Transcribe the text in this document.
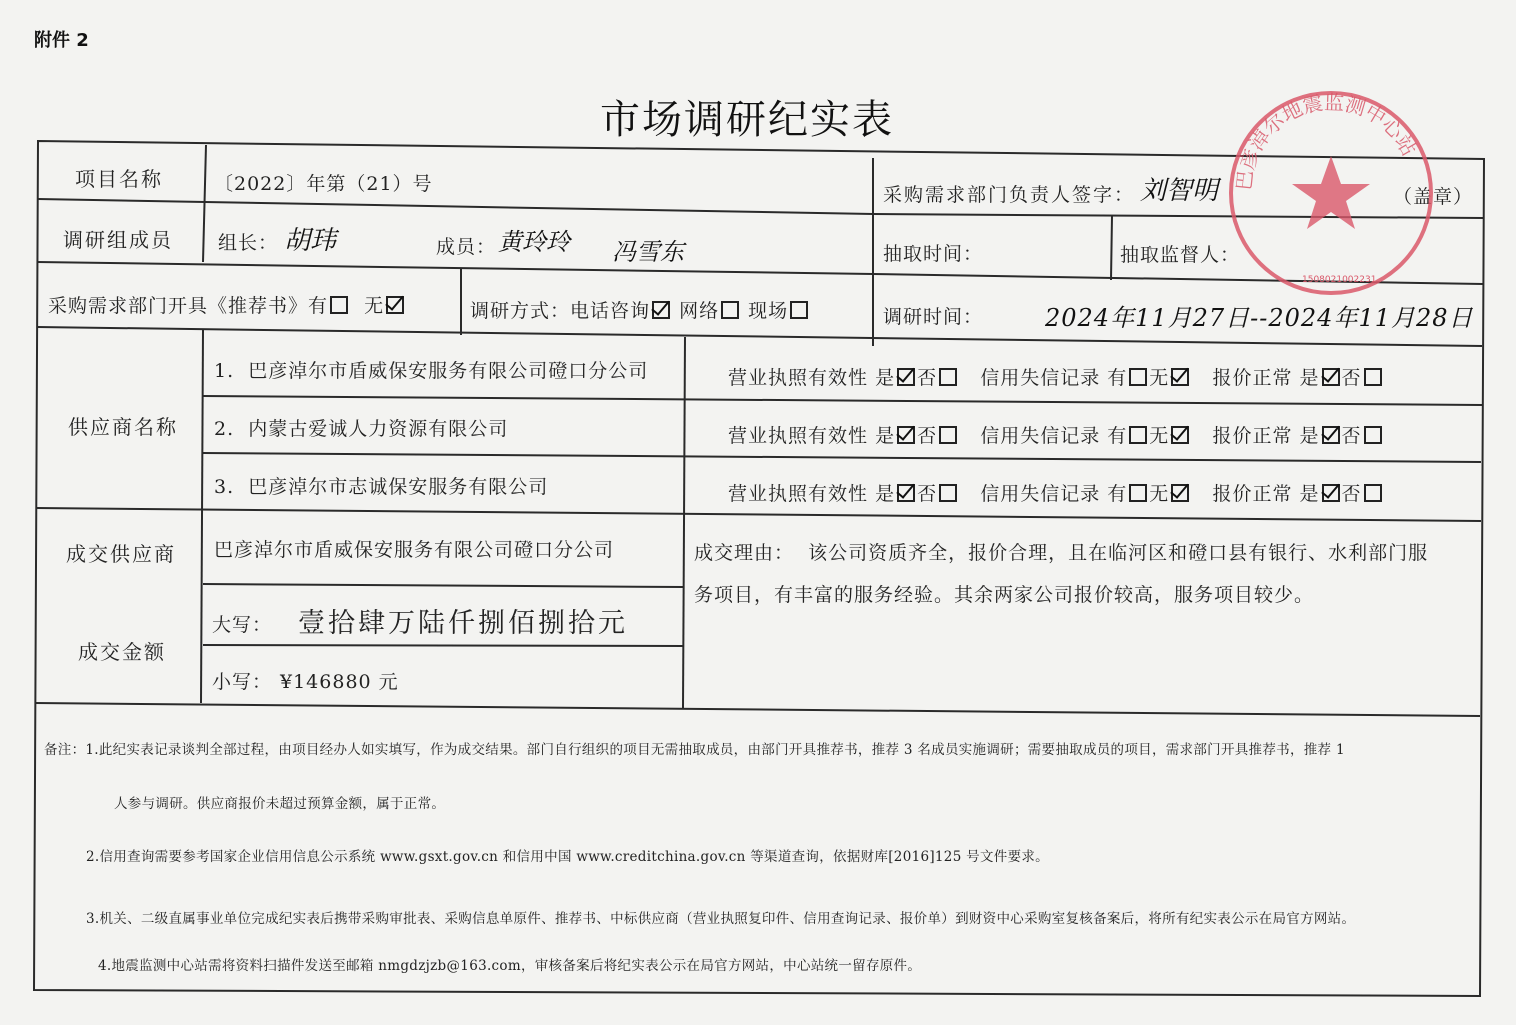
附件 2
市场调研纪实表
项目名称	〔2022〕年第（21）号	采购需求部门负责人签字： 刘智明	（盖章）
调研组成员 组长： 胡玮	成员： 黄玲玲 冯雪东	抽取时间：	抽取监督人：
采购需求部门开具《推荐书》有 无	调研方式：电话咨询 网络 现场	调研时间：	2024年11月27日--2024年11月28日
供应商名称
1. 巴彦淖尔市盾威保安服务有限公司磴口分公司	营业执照有效性 是 否 信用失信记录 有 无 报价正常 是 否
2. 内蒙古爱诚人力资源有限公司	营业执照有效性 是 否 信用失信记录 有 无 报价正常 是 否
3. 巴彦淖尔市志诚保安服务有限公司	营业执照有效性 是 否 信用失信记录 有 无 报价正常 是 否
成交供应商 巴彦淖尔市盾威保安服务有限公司磴口分公司	成交理由： 该公司资质齐全，报价合理，且在临河区和磴口县有银行、水利部门服
务项目，有丰富的服务经验。其余两家公司报价较高，服务项目较少。
成交金额
大写： 壹拾肆万陆仟捌佰捌拾元
小写： ¥146880 元
备注：1.此纪实表记录谈判全部过程，由项目经办人如实填写，作为成交结果。部门自行组织的项目无需抽取成员，由部门开具推荐书，推荐 3 名成员实施调研；需要抽取成员的项目，需求部门开具推荐书，推荐 1
人参与调研。供应商报价未超过预算金额，属于正常。
2.信用查询需要参考国家企业信用信息公示系统 www.gsxt.gov.cn 和信用中国 www.creditchina.gov.cn 等渠道查询，依据财库[2016]125 号文件要求。
3.机关、二级直属事业单位完成纪实表后携带采购审批表、采购信息单原件、推荐书、中标供应商（营业执照复印件、信用查询记录、报价单）到财资中心采购室复核备案后，将所有纪实表公示在局官方网站。
4.地震监测中心站需将资料扫描件发送至邮箱 nmgdzjzb@163.com，审核备案后将纪实表公示在局官方网站，中心站统一留存原件。
巴彦淖尔地震监测中心站
1508021002231
